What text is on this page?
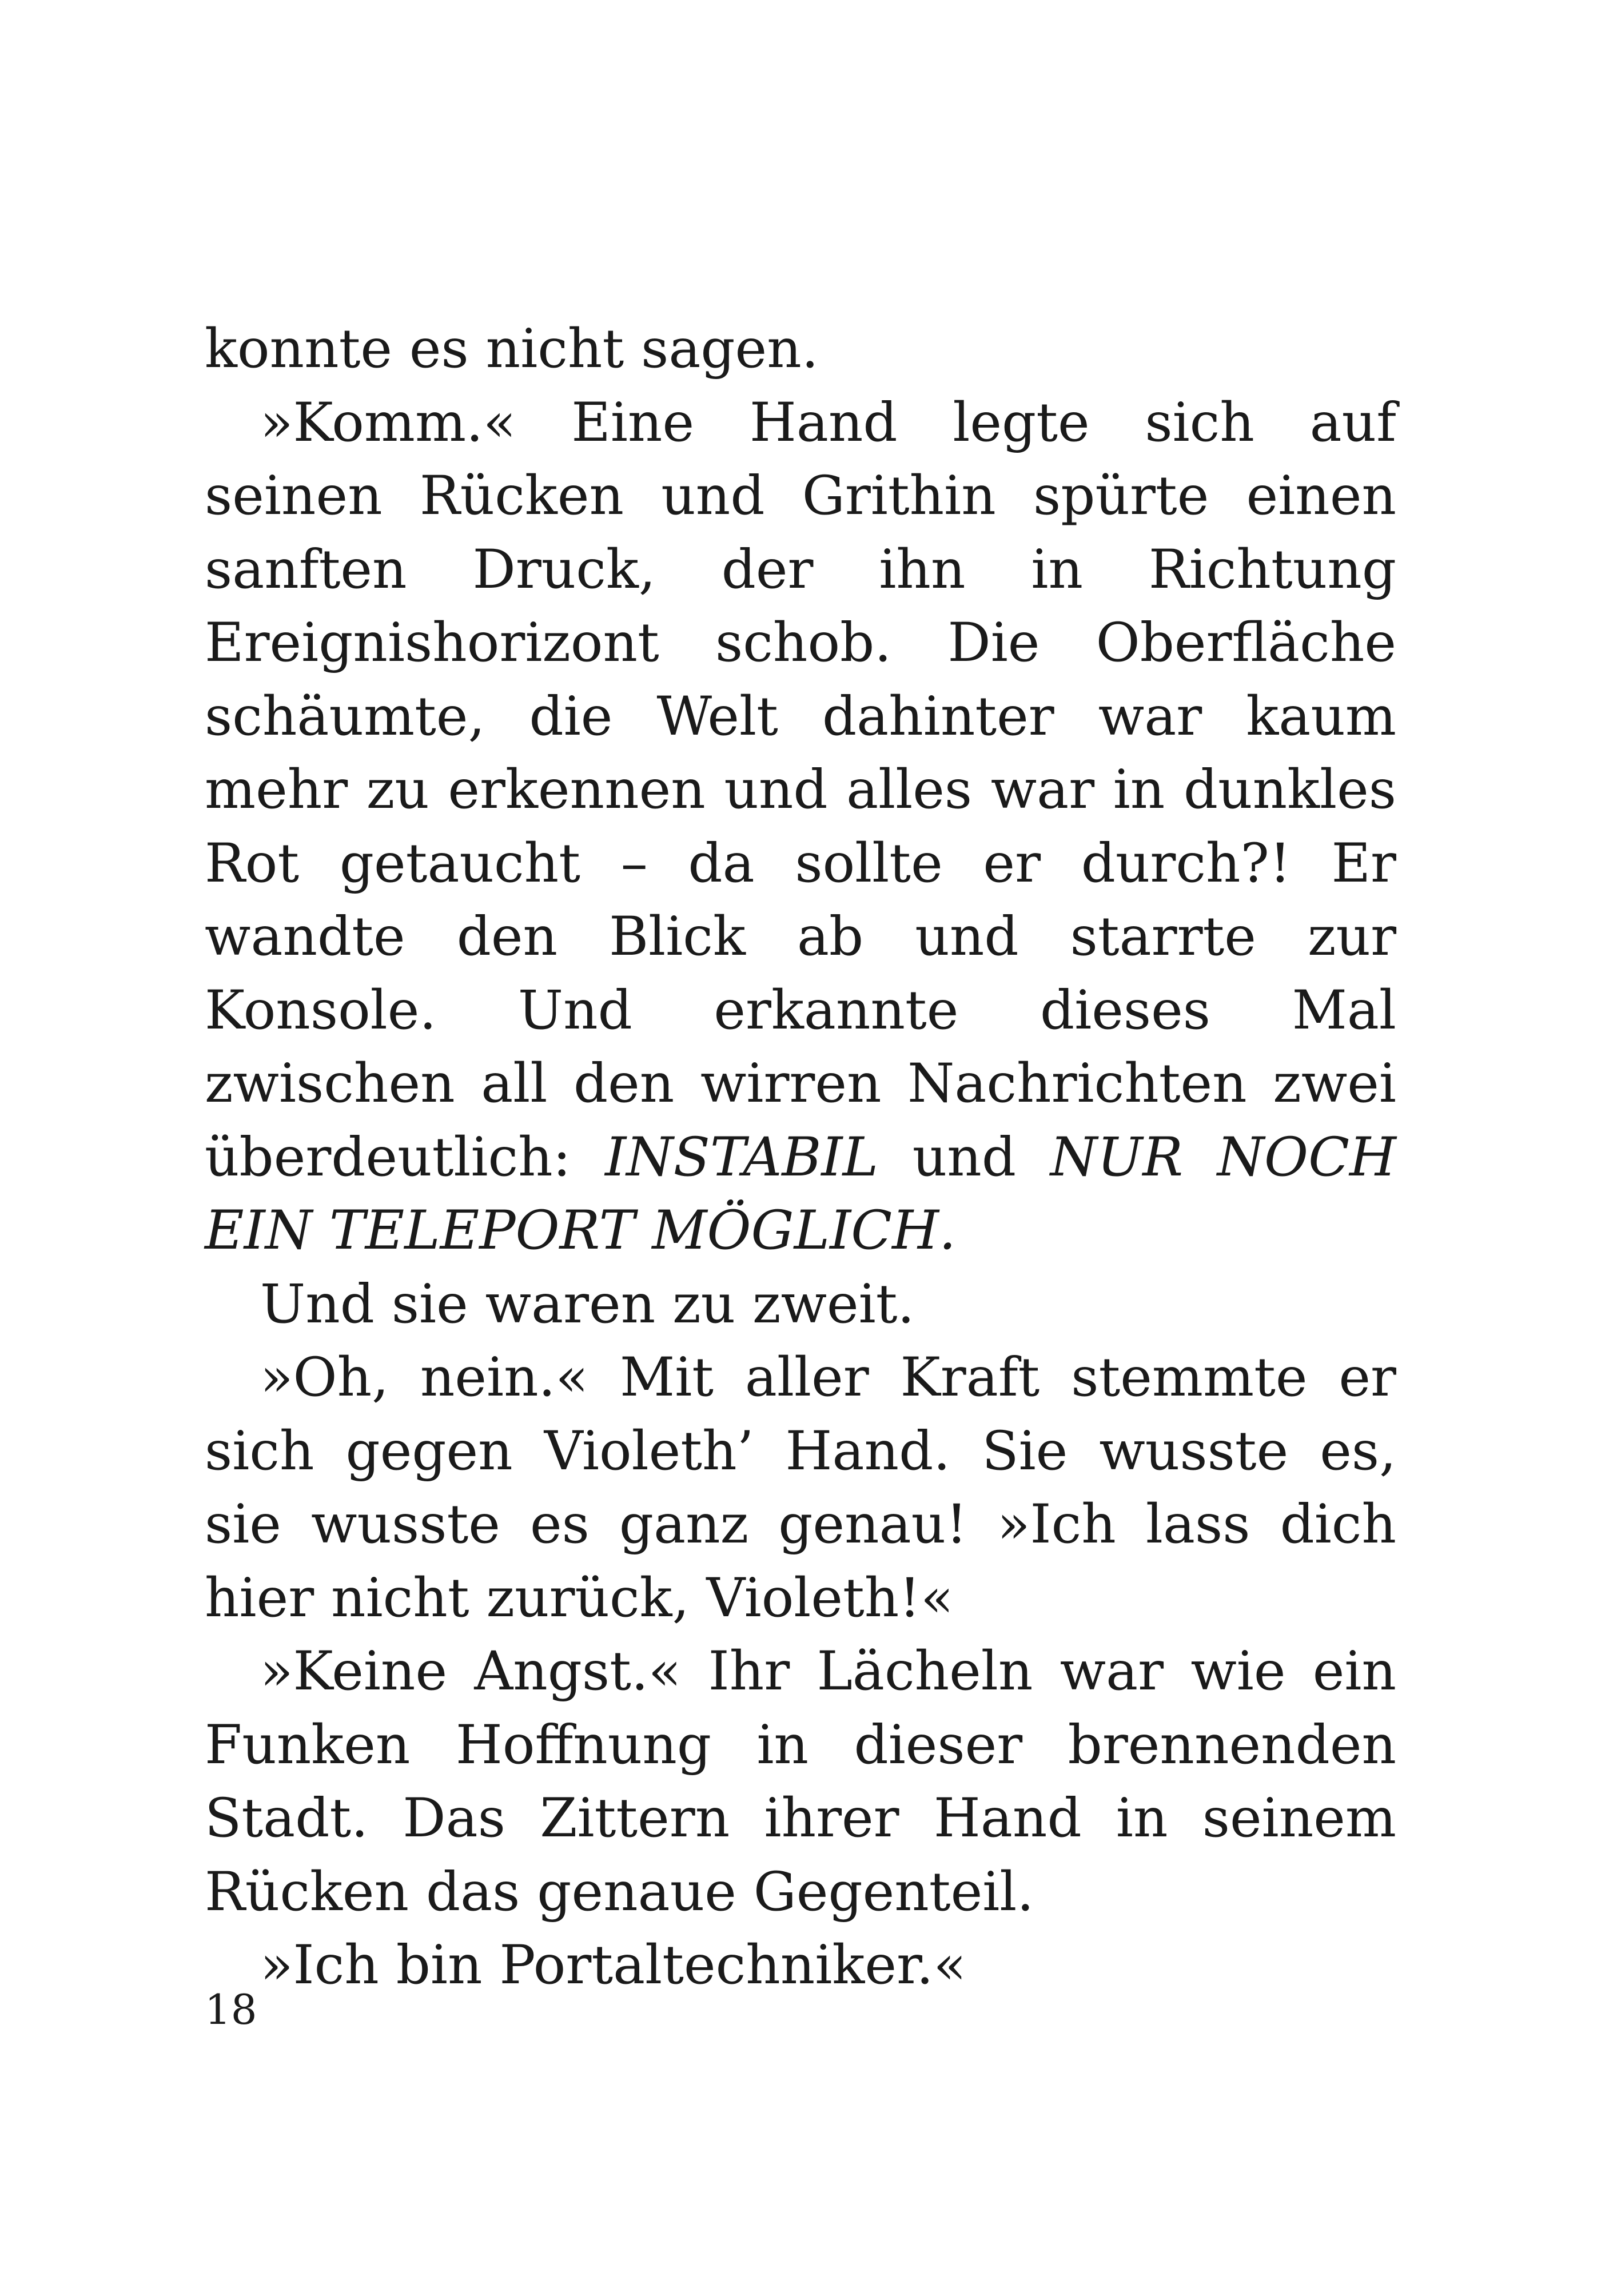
konnte es nicht sagen.

»Komm.« Eine Hand legte sich auf seinen Rücken und Grithin spürte einen sanften Druck, der ihn in Richtung Ereignishorizont schob. Die Oberfläche schäumte, die Welt dahinter war kaum mehr zu erkennen und alles war in dunkles Rot getaucht – da sollte er durch?! Er wandte den Blick ab und starrte zur Konsole. Und erkannte dieses Mal zwischen all den wirren Nachrichten zwei überdeutlich: INSTABIL und NUR NOCH EIN TELEPORT MÖGLICH.

Und sie waren zu zweit.

»Oh, nein.« Mit aller Kraft stemmte er sich gegen Violeth’ Hand. Sie wusste es, sie wusste es ganz genau! »Ich lass dich hier nicht zurück, Violeth!«

»Keine Angst.« Ihr Lächeln war wie ein Funken Hoffnung in dieser brennenden Stadt. Das Zittern ihrer Hand in seinem Rücken das genaue Gegenteil.

»Ich bin Portaltechniker.«

18
